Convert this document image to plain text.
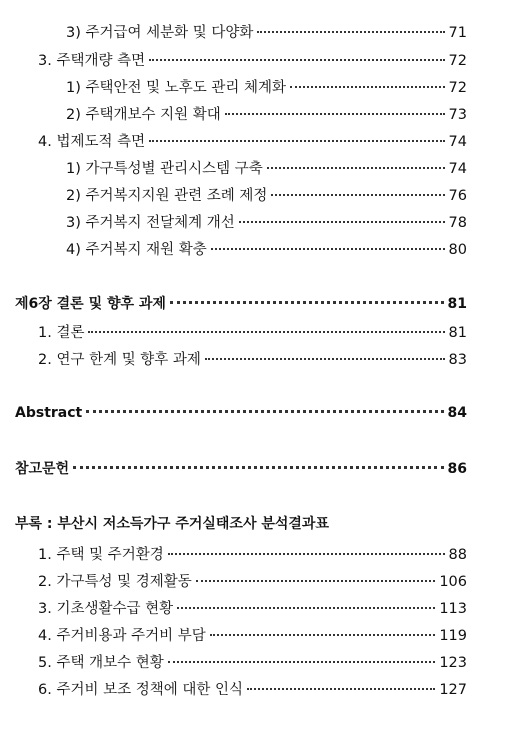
3) 주거급여 세분화 및 다양화	71
3. 주택개량 측면	72
1) 주택안전 및 노후도 관리 체계화	72
2) 주택개보수 지원 확대	73
4. 법제도적 측면	74
1) 가구특성별 관리시스템 구축	74
2) 주거복지지원 관련 조례 제정	76
3) 주거복지 전달체계 개선	78
4) 주거복지 재원 확충	80
제6장 결론 및 향후 과제	81
1. 결론	81
2. 연구 한계 및 향후 과제	83
Abstract	84
참고문헌	86
부록 : 부산시 저소득가구 주거실태조사 분석결과표
1. 주택 및 주거환경	88
2. 가구특성 및 경제활동	106
3. 기초생활수급 현황	113
4. 주거비용과 주거비 부담	119
5. 주택 개보수 현황	123
6. 주거비 보조 정책에 대한 인식	127
